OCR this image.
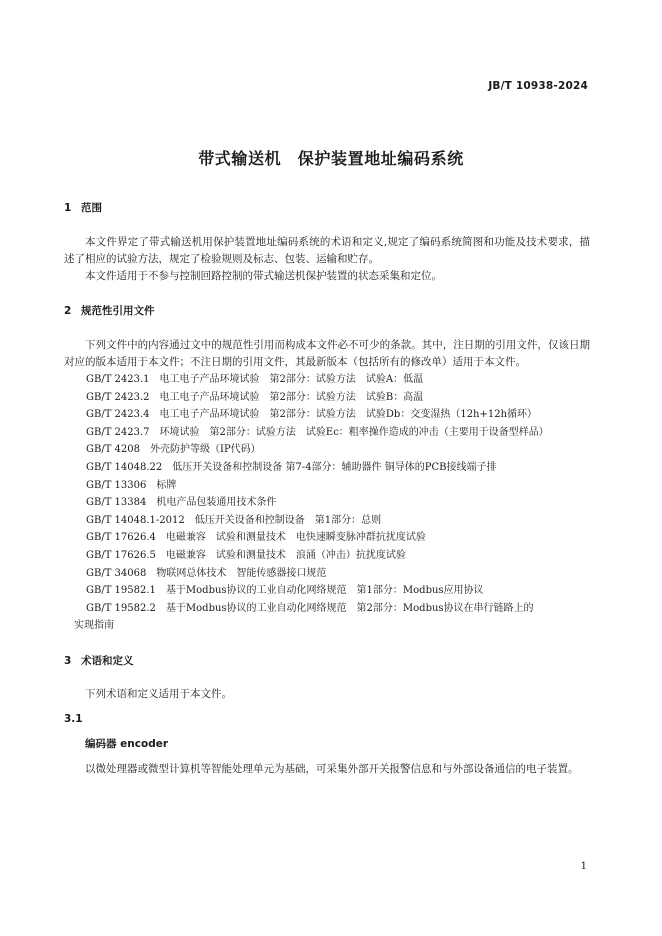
JB/T 10938-2024
带式输送机　保护装置地址编码系统
1 范围
本文件界定了带式输送机用保护装置地址编码系统的术语和定义,规定了编码系统简图和功能及技术要求，描述了相应的试验方法，规定了检验规则及标志、包装、运输和贮存。
本文件适用于不参与控制回路控制的带式输送机保护装置的状态采集和定位。
2 规范性引用文件
下列文件中的内容通过文中的规范性引用而构成本文件必不可少的条款。其中，注日期的引用文件，仅该日期对应的版本适用于本文件；不注日期的引用文件，其最新版本（包括所有的修改单）适用于本文件。
GB/T 2423.1　电工电子产品环境试验　第2部分：试验方法　试验A：低温
GB/T 2423.2　电工电子产品环境试验　第2部分：试验方法　试验B：高温
GB/T 2423.4　电工电子产品环境试验　第2部分：试验方法　试验Db：交变湿热（12h+12h循环）
GB/T 2423.7　环境试验　第2部分：试验方法　试验Ec：粗率操作造成的冲击（主要用于设备型样品）
GB/T 4208　外壳防护等级（IP代码）
GB/T 14048.22　低压开关设备和控制设备 第7-4部分：辅助器件 铜导体的PCB接线端子排
GB/T 13306　标牌
GB/T 13384　机电产品包装通用技术条件
GB/T 14048.1-2012　低压开关设备和控制设备　第1部分：总则
GB/T 17626.4　电磁兼容　试验和测量技术　电快速瞬变脉冲群抗扰度试验
GB/T 17626.5　电磁兼容　试验和测量技术　浪涌（冲击）抗扰度试验
GB/T 34068　物联网总体技术　智能传感器接口规范
GB/T 19582.1　基于Modbus协议的工业自动化网络规范　第1部分：Modbus应用协议
GB/T 19582.2　基于Modbus协议的工业自动化网络规范　第2部分：Modbus协议在串行链路上的
实现指南
3 术语和定义
下列术语和定义适用于本文件。
3.1
编码器 encoder
以微处理器或微型计算机等智能处理单元为基础，可采集外部开关报警信息和与外部设备通信的电子装置。
1
